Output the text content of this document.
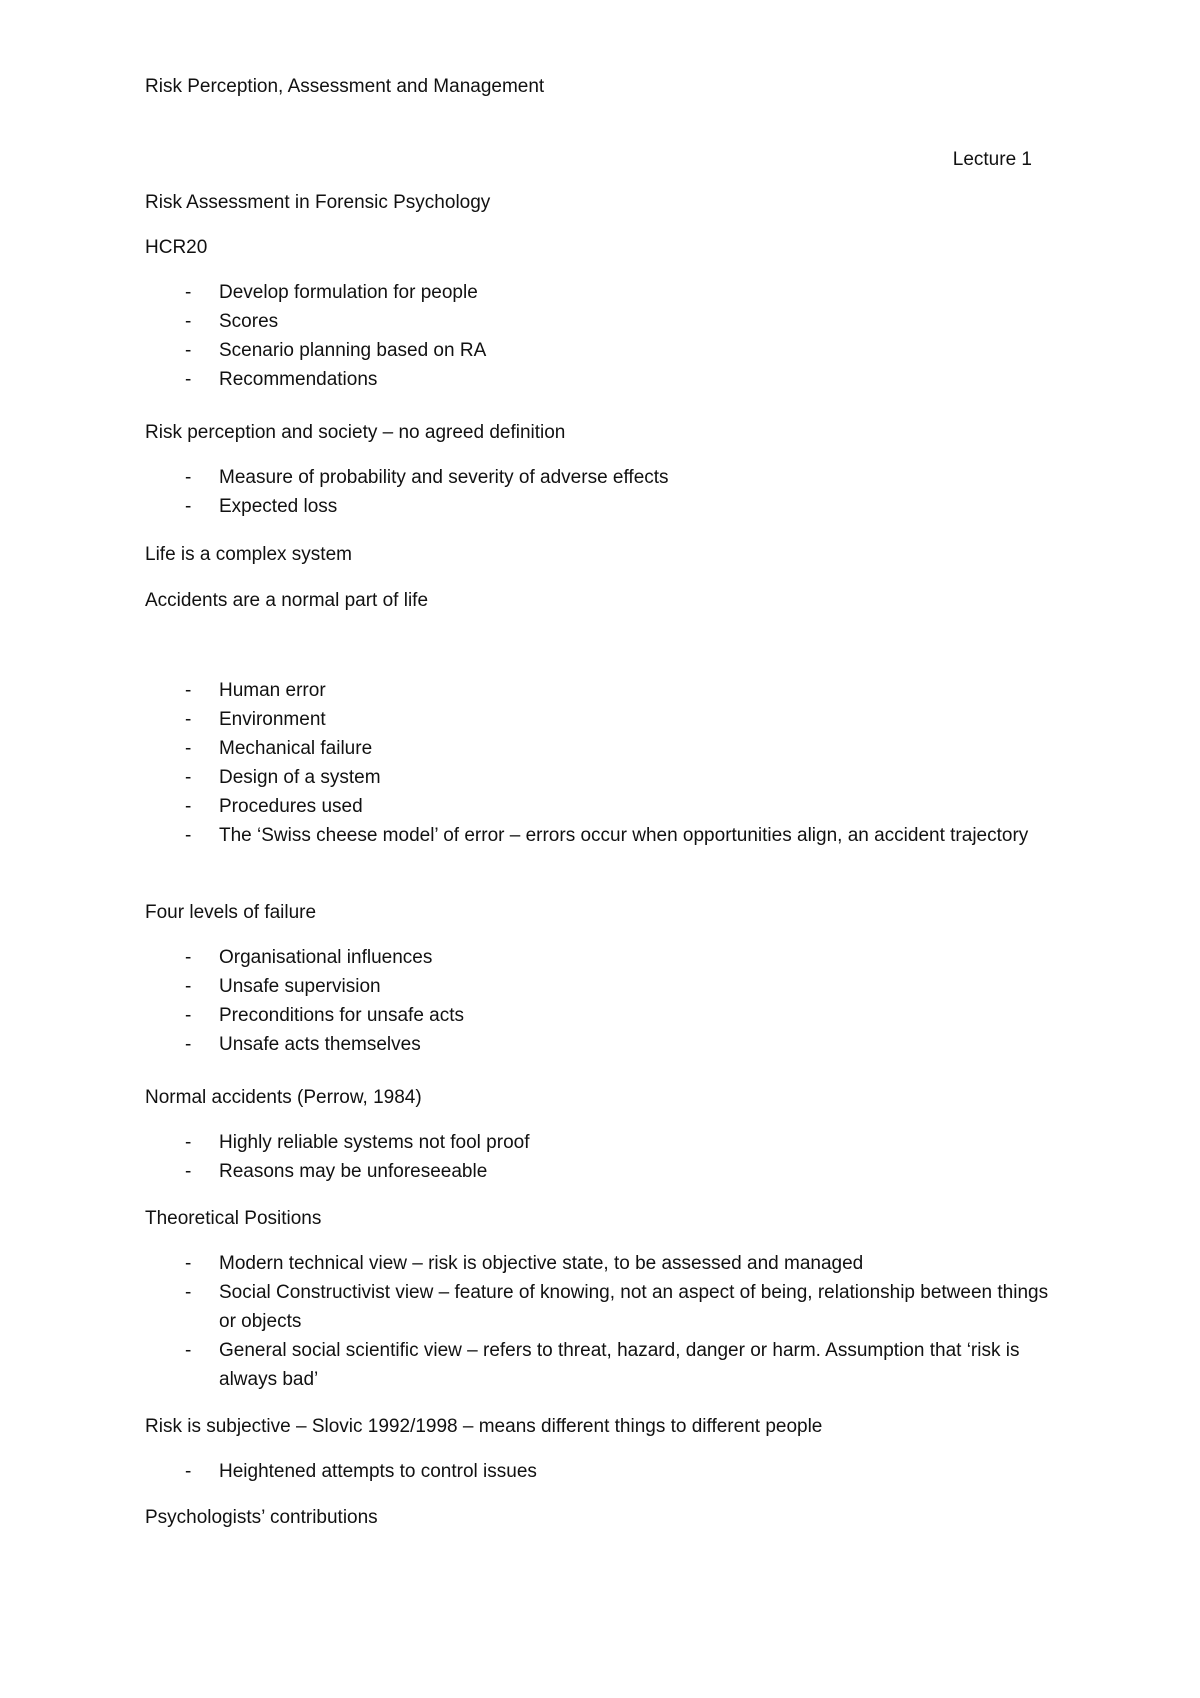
Risk Perception, Assessment and Management
Lecture 1
Risk Assessment in Forensic Psychology
HCR20
- Develop formulation for people
- Scores
- Scenario planning based on RA
- Recommendations
Risk perception and society – no agreed definition
- Measure of probability and severity of adverse effects
- Expected loss
Life is a complex system
Accidents are a normal part of life
- Human error
- Environment
- Mechanical failure
- Design of a system
- Procedures used
- The ‘Swiss cheese model’ of error – errors occur when opportunities align, an accident trajectory
Four levels of failure
- Organisational influences
- Unsafe supervision
- Preconditions for unsafe acts
- Unsafe acts themselves
Normal accidents (Perrow, 1984)
- Highly reliable systems not fool proof
- Reasons may be unforeseeable
Theoretical Positions
- Modern technical view – risk is objective state, to be assessed and managed
- Social Constructivist view – feature of knowing, not an aspect of being, relationship between things or objects
- General social scientific view – refers to threat, hazard, danger or harm. Assumption that ‘risk is always bad’
Risk is subjective – Slovic 1992/1998 – means different things to different people
- Heightened attempts to control issues
Psychologists’ contributions
